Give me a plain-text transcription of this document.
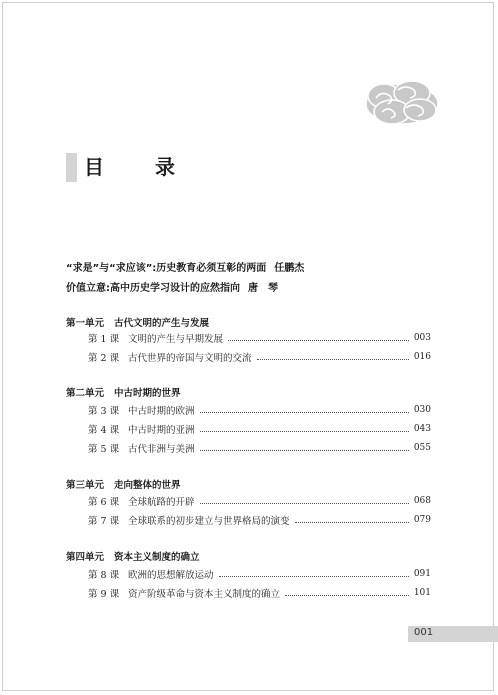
目 录
“求是”与“求应该”:历史教育必须互彰的两面 任鹏杰
价值立意:高中历史学习设计的应然指向 唐　琴
第一单元 古代文明的产生与发展
第 1 课 文明的产生与早期发展	003
第 2 课 古代世界的帝国与文明的交流	016
第二单元 中古时期的世界
第 3 课 中古时期的欧洲	030
第 4 课 中古时期的亚洲	043
第 5 课 古代非洲与美洲	055
第三单元 走向整体的世界
第 6 课 全球航路的开辟	068
第 7 课 全球联系的初步建立与世界格局的演变	079
第四单元 资本主义制度的确立
第 8 课 欧洲的思想解放运动	091
第 9 课 资产阶级革命与资本主义制度的确立	101
001
